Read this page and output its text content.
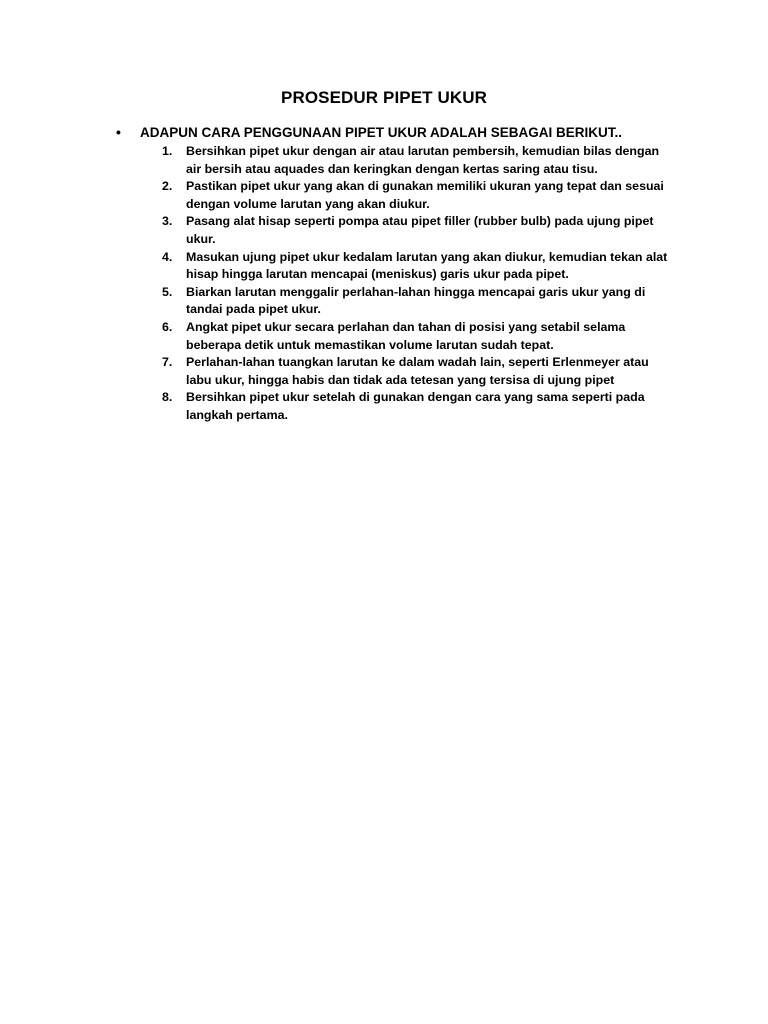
PROSEDUR PIPET UKUR
•	ADAPUN CARA PENGGUNAAN PIPET UKUR ADALAH SEBAGAI BERIKUT..
1.	Bersihkan pipet ukur dengan air atau larutan pembersih, kemudian bilas dengan
air bersih atau aquades dan keringkan dengan kertas saring atau tisu.
2.	Pastikan pipet ukur yang akan di gunakan memiliki ukuran yang tepat dan sesuai
dengan volume larutan yang akan diukur.
3.	Pasang alat hisap seperti pompa atau pipet filler (rubber bulb) pada ujung pipet
ukur.
4.	Masukan ujung pipet ukur kedalam larutan yang akan diukur, kemudian tekan alat
hisap hingga larutan mencapai (meniskus) garis ukur pada pipet.
5.	Biarkan larutan menggalir perlahan-lahan hingga mencapai garis ukur yang di
tandai pada pipet ukur.
6.	Angkat pipet ukur secara perlahan dan tahan di posisi yang setabil selama
beberapa detik untuk memastikan volume larutan sudah tepat.
7.	Perlahan-lahan tuangkan larutan ke dalam wadah lain, seperti Erlenmeyer atau
labu ukur, hingga habis dan tidak ada tetesan yang tersisa di ujung pipet
8.	Bersihkan pipet ukur setelah di gunakan dengan cara yang sama seperti pada
langkah pertama.
